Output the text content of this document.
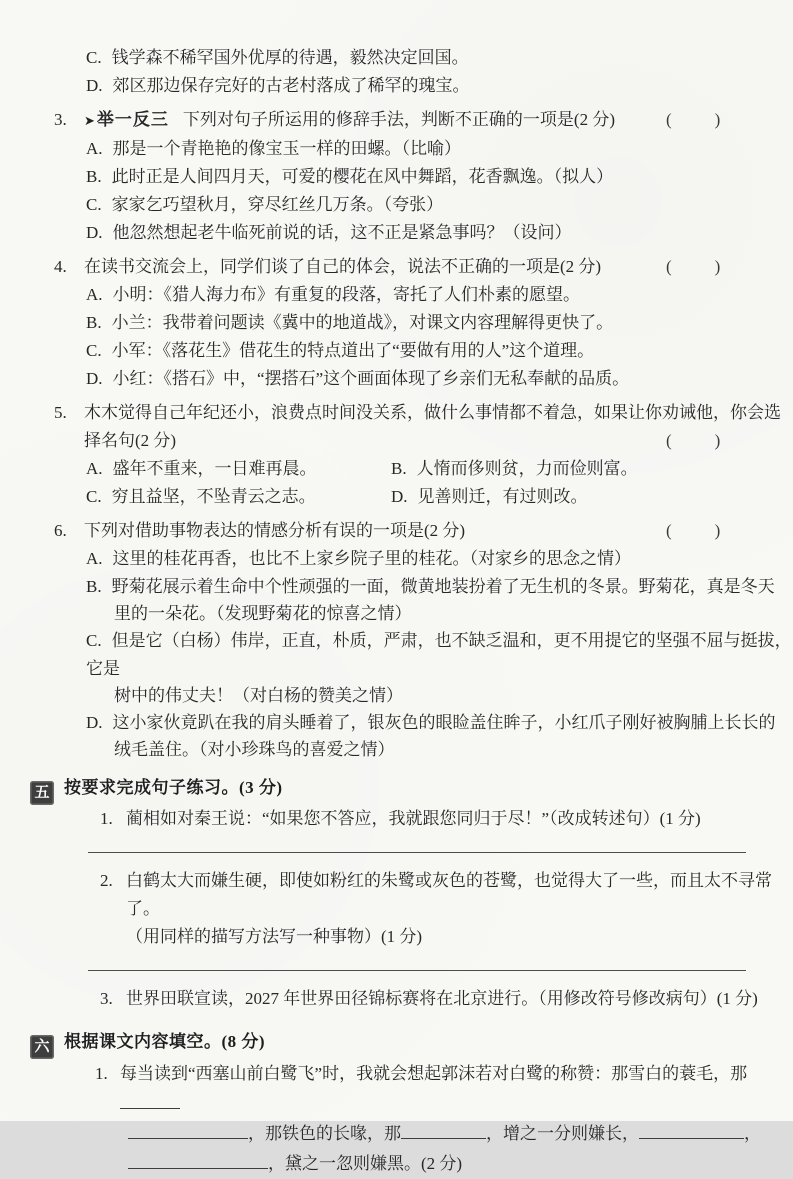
C. 钱学森不稀罕国外优厚的待遇，毅然决定回国。
D. 郊区那边保存完好的古老村落成了稀罕的瑰宝。
3. ➤ 举一反三 下列对句子所运用的修辞手法，判断不正确的一项是(2 分)	(　　)
A. 那是一个青艳艳的像宝玉一样的田螺。（比喻）
B. 此时正是人间四月天，可爱的樱花在风中舞蹈，花香飘逸。（拟人）
C. 家家乞巧望秋月，穿尽红丝几万条。（夸张）
D. 他忽然想起老牛临死前说的话，这不正是紧急事吗？（设问）
4. 在读书交流会上，同学们谈了自己的体会，说法不正确的一项是(2 分)	(　　)
A. 小明：《猎人海力布》有重复的段落，寄托了人们朴素的愿望。
B. 小兰：我带着问题读《冀中的地道战》，对课文内容理解得更快了。
C. 小军：《落花生》借花生的特点道出了“要做有用的人”这个道理。
D. 小红：《搭石》中，“摆搭石”这个画面体现了乡亲们无私奉献的品质。
5. 木木觉得自己年纪还小，浪费点时间没关系，做什么事情都不着急，如果让你劝诫他，你会选
择名句(2 分)	(　　)
A. 盛年不重来，一日难再晨。	B. 人惰而侈则贫，力而俭则富。
C. 穷且益坚，不坠青云之志。	D. 见善则迁，有过则改。
6. 下列对借助事物表达的情感分析有误的一项是(2 分)	(　　)
A. 这里的桂花再香，也比不上家乡院子里的桂花。（对家乡的思念之情）
B. 野菊花展示着生命中个性顽强的一面，微黄地装扮着了无生机的冬景。野菊花，真是冬天
里的一朵花。（发现野菊花的惊喜之情）
C. 但是它（白杨）伟岸，正直，朴质，严肃，也不缺乏温和，更不用提它的坚强不屈与挺拔，它是
树中的伟丈夫！（对白杨的赞美之情）
D. 这小家伙竟趴在我的肩头睡着了，银灰色的眼睑盖住眸子，小红爪子刚好被胸脯上长长的
绒毛盖住。（对小珍珠鸟的喜爱之情）
五 按要求完成句子练习。(3 分)
1. 蔺相如对秦王说：“如果您不答应，我就跟您同归于尽！”（改成转述句）(1 分)
2. 白鹤太大而嫌生硬，即使如粉红的朱鹭或灰色的苍鹭，也觉得大了一些，而且太不寻常了。
（用同样的描写方法写一种事物）(1 分)
3. 世界田联宣读，2027 年世界田径锦标赛将在北京进行。（用修改符号修改病句）(1 分)
六 根据课文内容填空。(8 分)
1. 每当读到“西塞山前白鹭飞”时，我就会想起郭沫若对白鹭的称赞：那雪白的蓑毛，那
，那铁色的长喙，那	，增之一分则嫌长，	，
，黛之一忽则嫌黑。(2 分)
